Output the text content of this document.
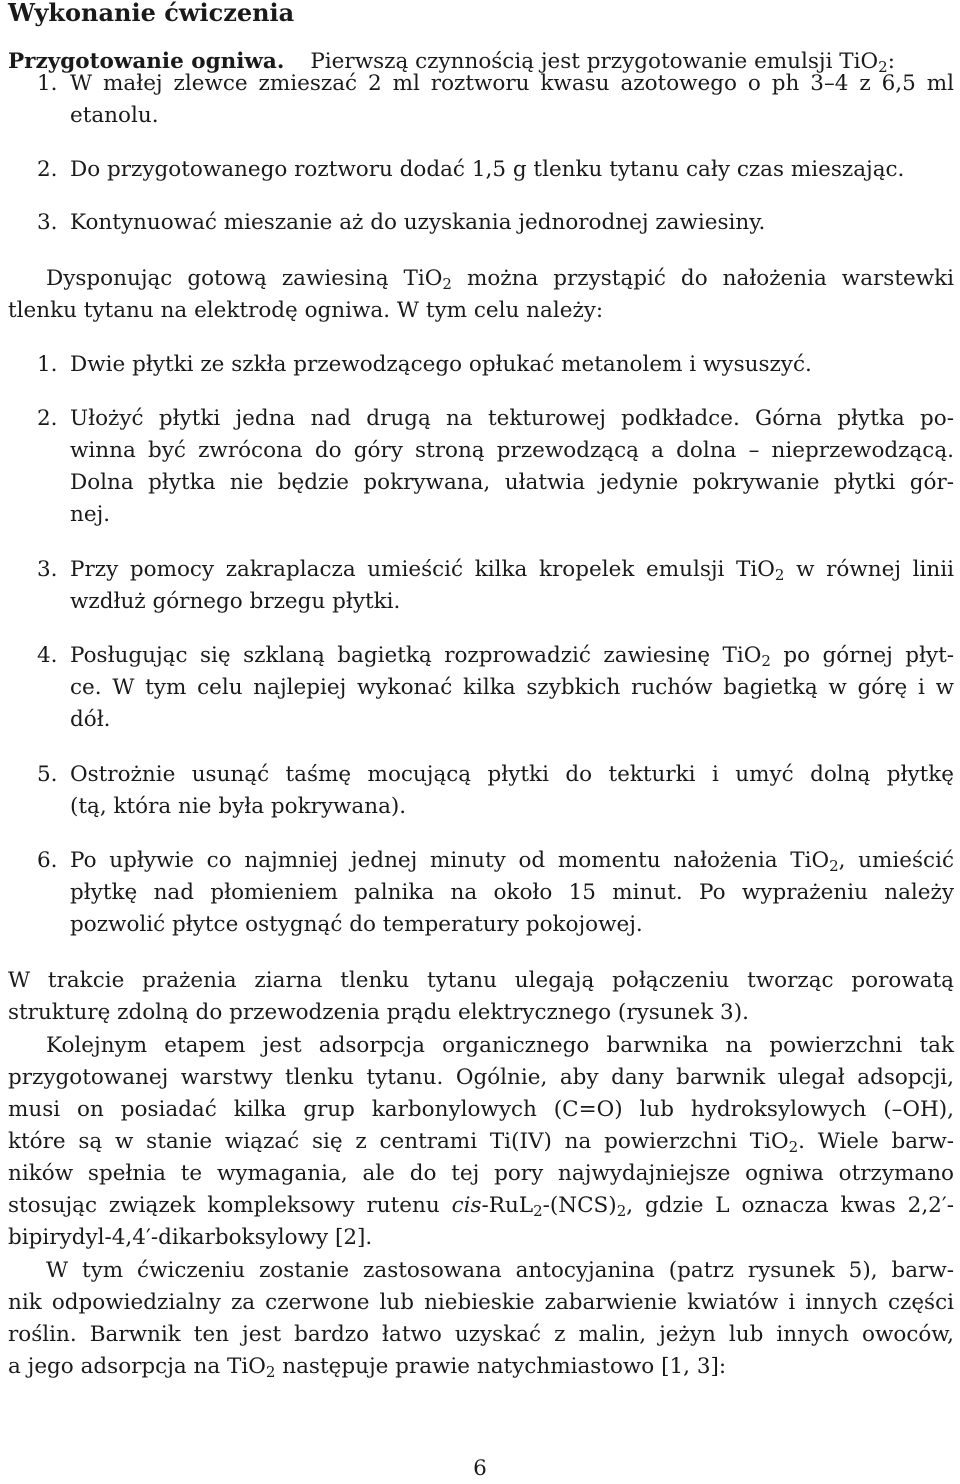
Wykonanie ćwiczenia
Przygotowanie ogniwa. Pierwszą czynnością jest przygotowanie emulsji TiO$_2$:
1. W małej zlewce zmieszać 2 ml roztworu kwasu azotowego o ph 3–4 z 6,5 ml
etanolu.
2. Do przygotowanego roztworu dodać 1,5 g tlenku tytanu cały czas mieszając.
3. Kontynuować mieszanie aż do uzyskania jednorodnej zawiesiny.
Dysponując gotową zawiesiną TiO$_2$ można przystąpić do nałożenia warstewki
tlenku tytanu na elektrodę ogniwa. W tym celu należy:
1. Dwie płytki ze szkła przewodzącego opłukać metanolem i wysuszyć.
2. Ułożyć płytki jedna nad drugą na tekturowej podkładce. Górna płytka po-
winna być zwrócona do góry stroną przewodzącą a dolna – nieprzewodzącą.
Dolna płytka nie będzie pokrywana, ułatwia jedynie pokrywanie płytki gór-
nej.
3. Przy pomocy zakraplacza umieścić kilka kropelek emulsji TiO$_2$ w równej linii
wzdłuż górnego brzegu płytki.
4. Posługując się szklaną bagietką rozprowadzić zawiesinę TiO$_2$ po górnej płyt-
ce. W tym celu najlepiej wykonać kilka szybkich ruchów bagietką w górę i w
dół.
5. Ostrożnie usunąć taśmę mocującą płytki do tekturki i umyć dolną płytkę
(tą, która nie była pokrywana).
6. Po upływie co najmniej jednej minuty od momentu nałożenia TiO$_2$, umieścić
płytkę nad płomieniem palnika na około 15 minut. Po wyprażeniu należy
pozwolić płytce ostygnąć do temperatury pokojowej.
W trakcie prażenia ziarna tlenku tytanu ulegają połączeniu tworząc porowatą
strukturę zdolną do przewodzenia prądu elektrycznego (rysunek 3).
Kolejnym etapem jest adsorpcja organicznego barwnika na powierzchni tak
przygotowanej warstwy tlenku tytanu. Ogólnie, aby dany barwnik ulegał adsopcji,
musi on posiadać kilka grup karbonylowych (C=O) lub hydroksylowych (–OH),
które są w stanie wiązać się z centrami Ti(IV) na powierzchni TiO$_2$. Wiele barw-
ników spełnia te wymagania, ale do tej pory najwydajniejsze ogniwa otrzymano
stosując związek kompleksowy rutenu cis-$RuL_2-(NCS)_2$, gdzie L oznacza kwas 2,2′-
bipirydyl-4,4′-dikarboksylowy [2].
W tym ćwiczeniu zostanie zastosowana antocyjanina (patrz rysunek 5), barw-
nik odpowiedzialny za czerwone lub niebieskie zabarwienie kwiatów i innych części
roślin. Barwnik ten jest bardzo łatwo uzyskać z malin, jeżyn lub innych owoców,
a jego adsorpcja na TiO$_2$ następuje prawie natychmiastowo [1, 3]:
6
